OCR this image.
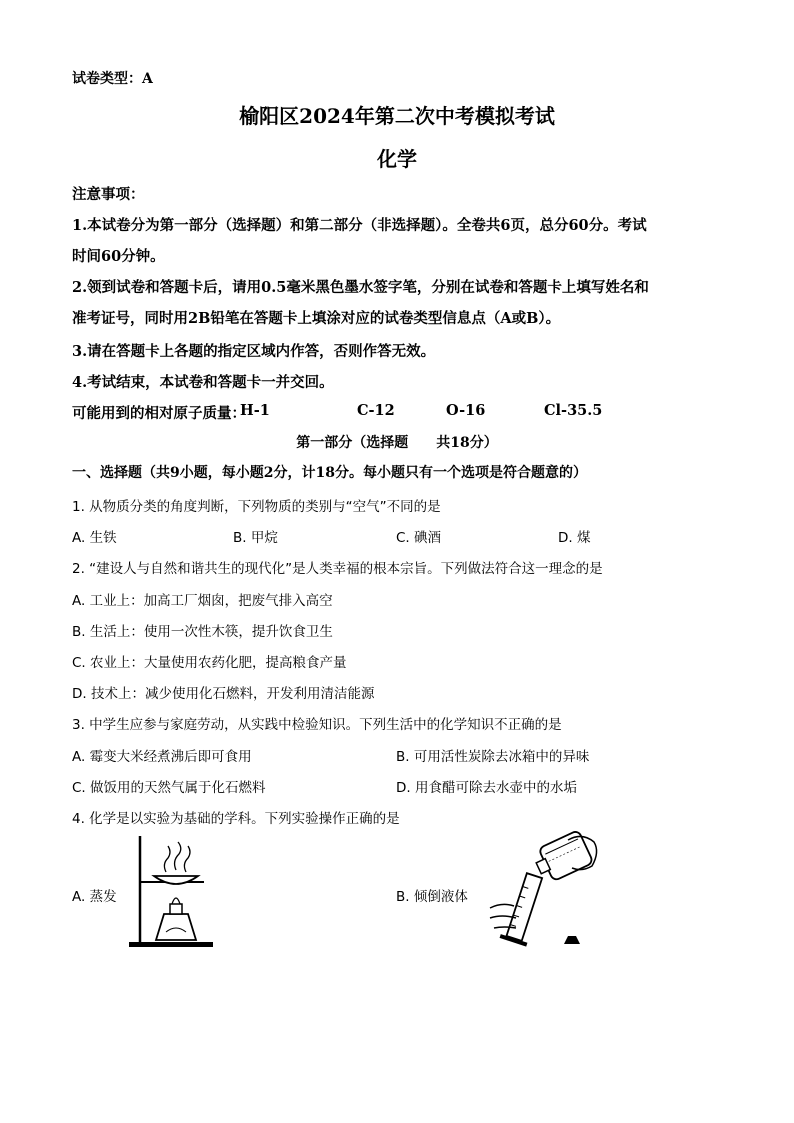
试卷类型：A
榆阳区2024年第二次中考模拟考试
化学
注意事项：
1.本试卷分为第一部分（选择题）和第二部分（非选择题）。全卷共6页，总分60分。考试
时间60分钟。
2.领到试卷和答题卡后，请用0.5毫米黑色墨水签字笔，分别在试卷和答题卡上填写姓名和
准考证号，同时用2B铅笔在答题卡上填涂对应的试卷类型信息点（A或B）。
3.请在答题卡上各题的指定区域内作答，否则作答无效。
4.考试结束，本试卷和答题卡一并交回。
可能用到的相对原子质量：
H-1	C-12	O-16	Cl-35.5
第一部分（选择题　　共18分）
一、选择题（共9小题，每小题2分，计18分。每小题只有一个选项是符合题意的）
1. 从物质分类的角度判断，下列物质的类别与“空气”不同的是
A. 生铁	B. 甲烷	C. 碘酒	D. 煤
2. “建设人与自然和谐共生的现代化”是人类幸福的根本宗旨。下列做法符合这一理念的是
A. 工业上：加高工厂烟囱，把废气排入高空
B. 生活上：使用一次性木筷，提升饮食卫生
C. 农业上：大量使用农药化肥，提高粮食产量
D. 技术上：减少使用化石燃料，开发利用清洁能源
3. 中学生应参与家庭劳动，从实践中检验知识。下列生活中的化学知识不正确的是
A. 霉变大米经煮沸后即可食用	B. 可用活性炭除去冰箱中的异味
C. 做饭用的天然气属于化石燃料	D. 用食醋可除去水壶中的水垢
4. 化学是以实验为基础的学科。下列实验操作正确的是
A. 蒸发	B. 倾倒液体
